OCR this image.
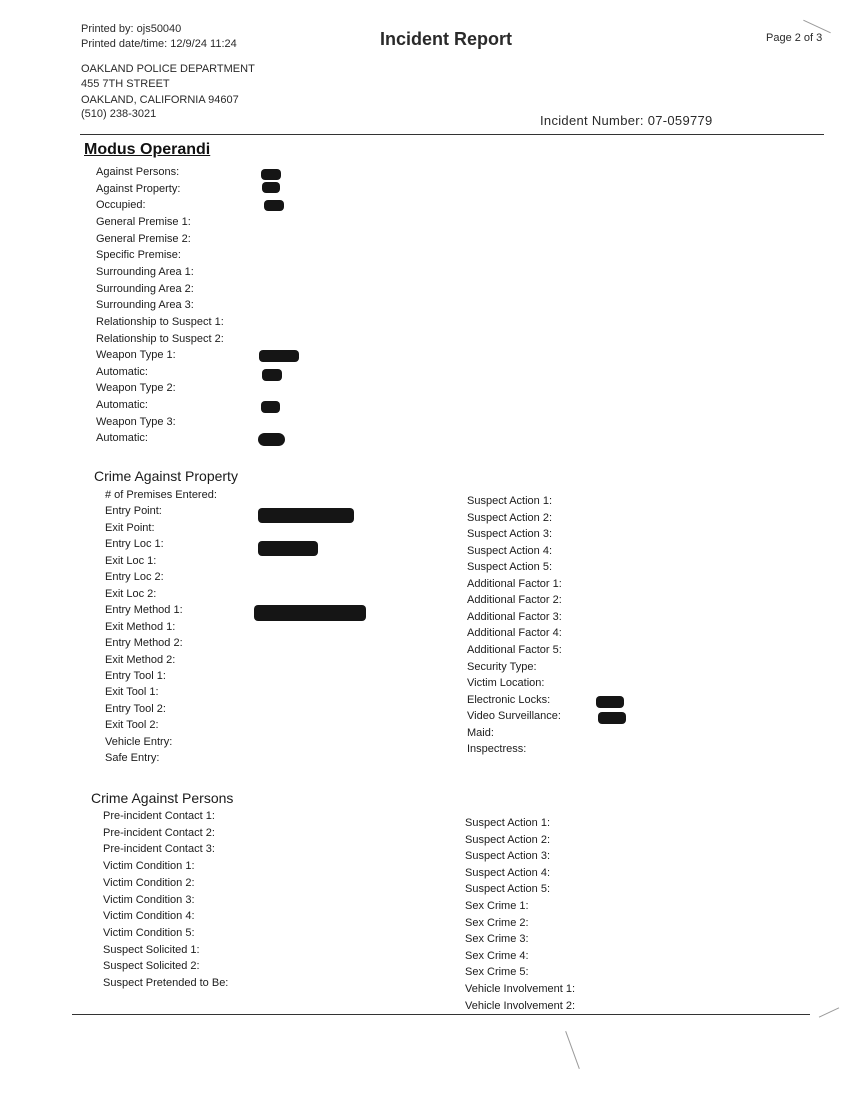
Printed by: ojs50040
Printed date/time: 12/9/24 11:24	Incident Report	Page 2 of 3
OAKLAND POLICE DEPARTMENT
455 7TH STREET
OAKLAND, CALIFORNIA 94607
(510) 238-3021	Incident Number: 07-059779
Modus Operandi
Against Persons:
Against Property:
Occupied:
General Premise 1:
General Premise 2:
Specific Premise:
Surrounding Area 1:
Surrounding Area 2:
Surrounding Area 3:
Relationship to Suspect 1:
Relationship to Suspect 2:
Weapon Type 1:
Automatic:
Weapon Type 2:
Automatic:
Weapon Type 3:
Automatic:
Crime Against Property
# of Premises Entered:
Entry Point:
Exit Point:
Entry Loc 1:
Exit Loc 1:
Entry Loc 2:
Exit Loc 2:
Entry Method 1:
Exit Method 1:
Entry Method 2:
Exit Method 2:
Entry Tool 1:
Exit Tool 1:
Entry Tool 2:
Exit Tool 2:
Vehicle Entry:
Safe Entry:
Suspect Action 1:
Suspect Action 2:
Suspect Action 3:
Suspect Action 4:
Suspect Action 5:
Additional Factor 1:
Additional Factor 2:
Additional Factor 3:
Additional Factor 4:
Additional Factor 5:
Security Type:
Victim Location:
Electronic Locks:
Video Surveillance:
Maid:
Inspectress:
Crime Against Persons
Pre-incident Contact 1:
Pre-incident Contact 2:
Pre-incident Contact 3:
Victim Condition 1:
Victim Condition 2:
Victim Condition 3:
Victim Condition 4:
Victim Condition 5:
Suspect Solicited 1:
Suspect Solicited 2:
Suspect Pretended to Be:
Suspect Action 1:
Suspect Action 2:
Suspect Action 3:
Suspect Action 4:
Suspect Action 5:
Sex Crime 1:
Sex Crime 2:
Sex Crime 3:
Sex Crime 4:
Sex Crime 5:
Vehicle Involvement 1:
Vehicle Involvement 2:
